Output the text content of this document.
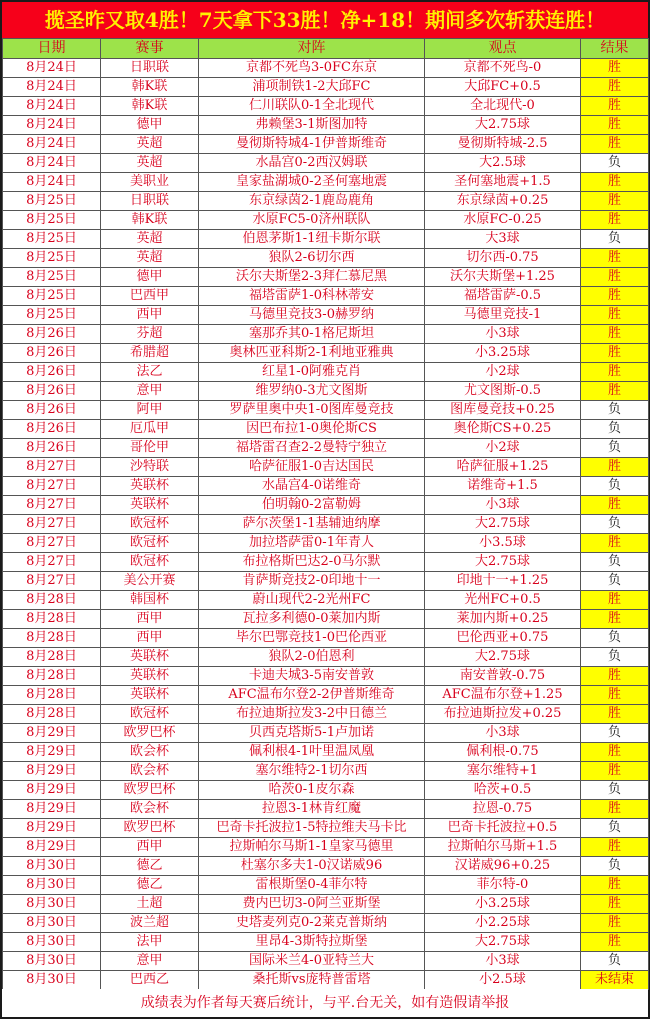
揽圣昨又取4胜！7天拿下33胜！净+18！期间多次斩获连胜！
日期	赛事	对阵	观点	结果
8月24日	日职联	京都不死鸟3-0FC东京	京都不死鸟-0	胜
8月24日	韩K联	浦项制铁1-2大邱FC	大邱FC+0.5	胜
8月24日	韩K联	仁川联队0-1全北现代	全北现代-0	胜
8月24日	德甲	弗赖堡3-1斯图加特	大2.75球	胜
8月24日	英超	曼彻斯特城4-1伊普斯维奇	曼彻斯特城-2.5	胜
8月24日	英超	水晶宫0-2西汉姆联	大2.5球	负
8月24日	美职业	皇家盐湖城0-2圣何塞地震	圣何塞地震+1.5	胜
8月25日	日职联	东京绿茵2-1鹿岛鹿角	东京绿茵+0.25	胜
8月25日	韩K联	水原FC5-0济州联队	水原FC-0.25	胜
8月25日	英超	伯恩茅斯1-1纽卡斯尔联	大3球	负
8月25日	英超	狼队2-6切尔西	切尔西-0.75	胜
8月25日	德甲	沃尔夫斯堡2-3拜仁慕尼黑	沃尔夫斯堡+1.25	胜
8月25日	巴西甲	福塔雷萨1-0科林蒂安	福塔雷萨-0.5	胜
8月25日	西甲	马德里竞技3-0赫罗纳	马德里竞技-1	胜
8月26日	芬超	塞那乔其0-1格尼斯坦	小3球	胜
8月26日	希腊超	奥林匹亚科斯2-1利地亚雅典	小3.25球	胜
8月26日	法乙	红星1-0阿雅克肖	小2球	胜
8月26日	意甲	维罗纳0-3尤文图斯	尤文图斯-0.5	胜
8月26日	阿甲	罗萨里奥中央1-0图库曼竞技	图库曼竞技+0.25	负
8月26日	厄瓜甲	因巴布拉1-0奥伦斯CS	奥伦斯CS+0.25	负
8月26日	哥伦甲	福塔雷召查2-2曼特宁独立	小2球	负
8月27日	沙特联	哈萨征服1-0吉达国民	哈萨征服+1.25	胜
8月27日	英联杯	水晶宫4-0诺维奇	诺维奇+1.5	负
8月27日	英联杯	伯明翰0-2富勒姆	小3球	胜
8月27日	欧冠杯	萨尔茨堡1-1基辅迪纳摩	大2.75球	负
8月27日	欧冠杯	加拉塔萨雷0-1年青人	小3.5球	胜
8月27日	欧冠杯	布拉格斯巴达2-0马尔默	大2.75球	负
8月27日	美公开赛	肯萨斯竞技2-0印地十一	印地十一+1.25	负
8月28日	韩国杯	蔚山现代2-2光州FC	光州FC+0.5	胜
8月28日	西甲	瓦拉多利德0-0莱加内斯	莱加内斯+0.25	胜
8月28日	西甲	毕尔巴鄂竞技1-0巴伦西亚	巴伦西亚+0.75	负
8月28日	英联杯	狼队2-0伯恩利	大2.75球	负
8月28日	英联杯	卡迪夫城3-5南安普敦	南安普敦-0.75	胜
8月28日	英联杯	AFC温布尔登2-2伊普斯维奇	AFC温布尔登+1.25	胜
8月28日	欧冠杯	布拉迪斯拉发3-2中日德兰	布拉迪斯拉发+0.25	胜
8月29日	欧罗巴杯	贝西克塔斯5-1卢加诺	小3球	负
8月29日	欧会杯	佩利根4-1叶里温凤凰	佩利根-0.75	胜
8月29日	欧会杯	塞尔维特2-1切尔西	塞尔维特+1	胜
8月29日	欧罗巴杯	哈茨0-1皮尔森	哈茨+0.5	负
8月29日	欧会杯	拉恩3-1林肯红魔	拉恩-0.75	胜
8月29日	欧罗巴杯	巴奇卡托波拉1-5特拉维夫马卡比	巴奇卡托波拉+0.5	负
8月29日	西甲	拉斯帕尔马斯1-1皇家马德里	拉斯帕尔马斯+1.5	胜
8月30日	德乙	杜塞尔多夫1-0汉诺威96	汉诺威96+0.25	负
8月30日	德乙	雷根斯堡0-4菲尔特	菲尔特-0	胜
8月30日	土超	费内巴切3-0阿兰亚斯堡	小3.25球	胜
8月30日	波兰超	史塔麦列克0-2莱克普斯纳	小2.25球	胜
8月30日	法甲	里昂4-3斯特拉斯堡	大2.75球	胜
8月30日	意甲	国际米兰4-0亚特兰大	小3球	负
8月30日	巴西乙	桑托斯vs庞特普雷塔	小2.5球	未结束
成绩表为作者每天赛后统计，与平.台无关，如有造假请举报
